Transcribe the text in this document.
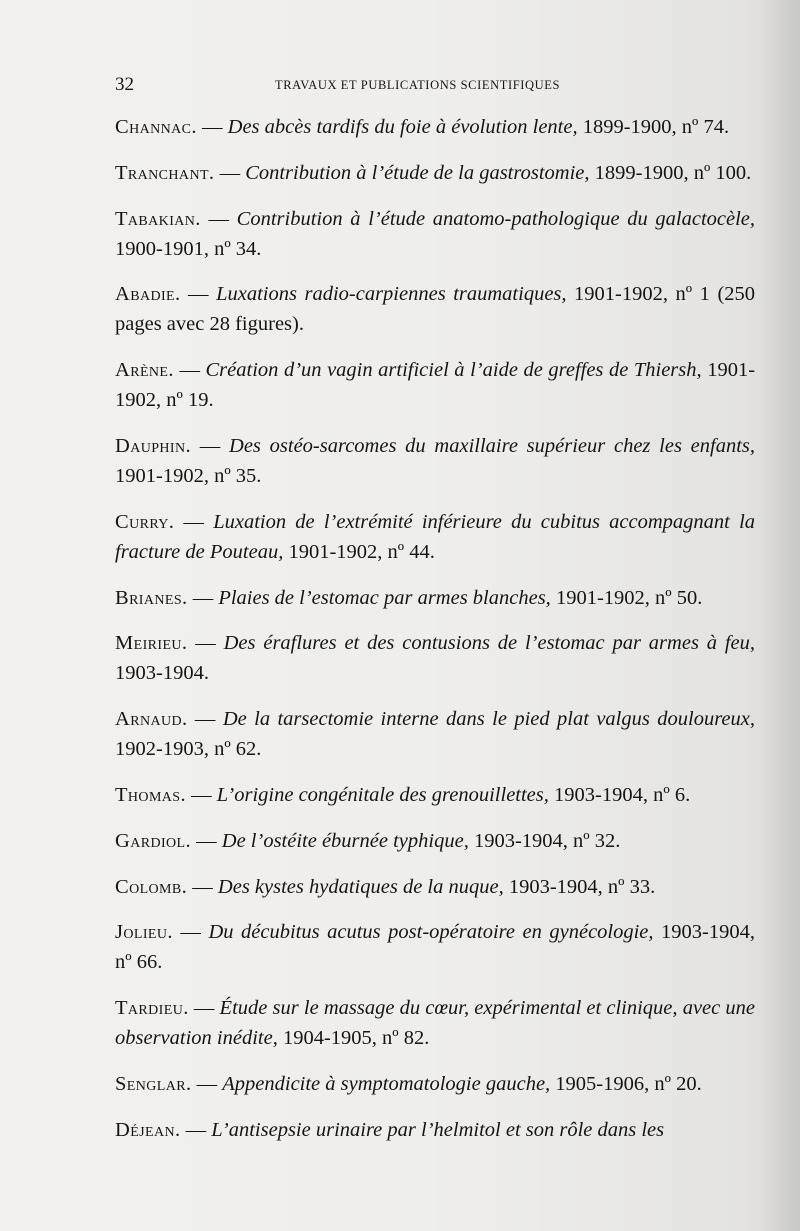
32	TRAVAUX ET PUBLICATIONS SCIENTIFIQUES

Channac. — Des abcès tardifs du foie à évolution lente, 1899-1900, nº 74.

Tranchant. — Contribution à l’étude de la gastrostomie, 1899-1900, nº 100.

Tabakian. — Contribution à l’étude anatomo-pathologique du galactocèle, 1900-1901, nº 34.

Abadie. — Luxations radio-carpiennes traumatiques, 1901-1902, nº 1 (250 pages avec 28 figures).

Arène. — Création d’un vagin artificiel à l’aide de greffes de Thiersh, 1901-1902, nº 19.

Dauphin. — Des ostéo-sarcomes du maxillaire supérieur chez les enfants, 1901-1902, nº 35.

Curry. — Luxation de l’extrémité inférieure du cubitus accompagnant la fracture de Pouteau, 1901-1902, nº 44.

Brianes. — Plaies de l’estomac par armes blanches, 1901-1902, nº 50.

Meirieu. — Des éraflures et des contusions de l’estomac par armes à feu, 1903-1904.

Arnaud. — De la tarsectomie interne dans le pied plat valgus douloureux, 1902-1903, nº 62.

Thomas. — L’origine congénitale des grenouillettes, 1903-1904, nº 6.

Gardiol. — De l’ostéite éburnée typhique, 1903-1904, nº 32.

Colomb. — Des kystes hydatiques de la nuque, 1903-1904, nº 33.

Jolieu. — Du décubitus acutus post-opératoire en gynécologie, 1903-1904, nº 66.

Tardieu. — Étude sur le massage du cœur, expérimental et clinique, avec une observation inédite, 1904-1905, nº 82.

Senglar. — Appendicite à symptomatologie gauche, 1905-1906, nº 20.

Déjean. — L’antisepsie urinaire par l’helmitol et son rôle dans les
